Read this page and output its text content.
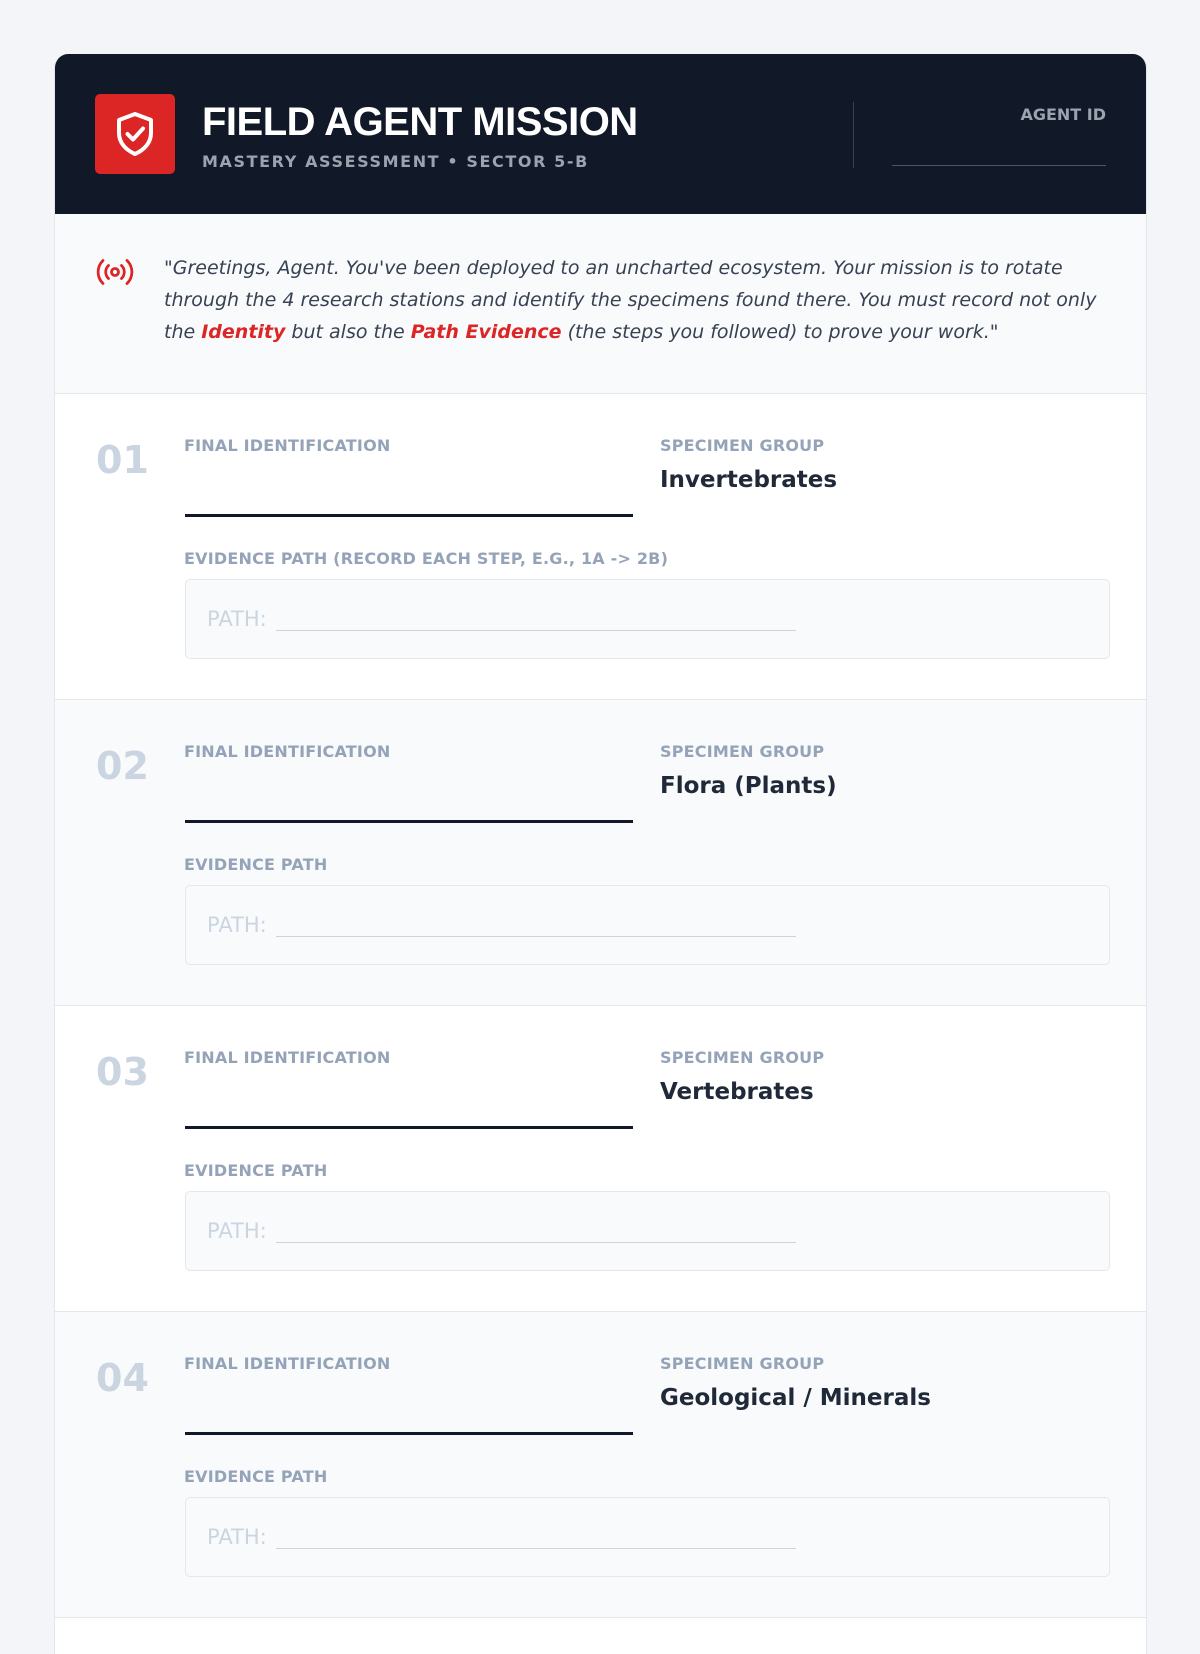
FIELD AGENT MISSION
MASTERY ASSESSMENT • SECTOR 5-B
AGENT ID
"Greetings, Agent. You've been deployed to an uncharted ecosystem. Your mission is to rotate through the 4 research stations and identify the specimens found there. You must record not only the Identity but also the Path Evidence (the steps you followed) to prove your work."
01 FINAL IDENTIFICATION	SPECIMEN GROUP
Invertebrates
EVIDENCE PATH (RECORD EACH STEP, E.G., 1A -> 2B)
PATH:
02 FINAL IDENTIFICATION	SPECIMEN GROUP
Flora (Plants)
EVIDENCE PATH
PATH:
03 FINAL IDENTIFICATION	SPECIMEN GROUP
Vertebrates
EVIDENCE PATH
PATH:
04 FINAL IDENTIFICATION	SPECIMEN GROUP
Geological / Minerals
EVIDENCE PATH
PATH:
